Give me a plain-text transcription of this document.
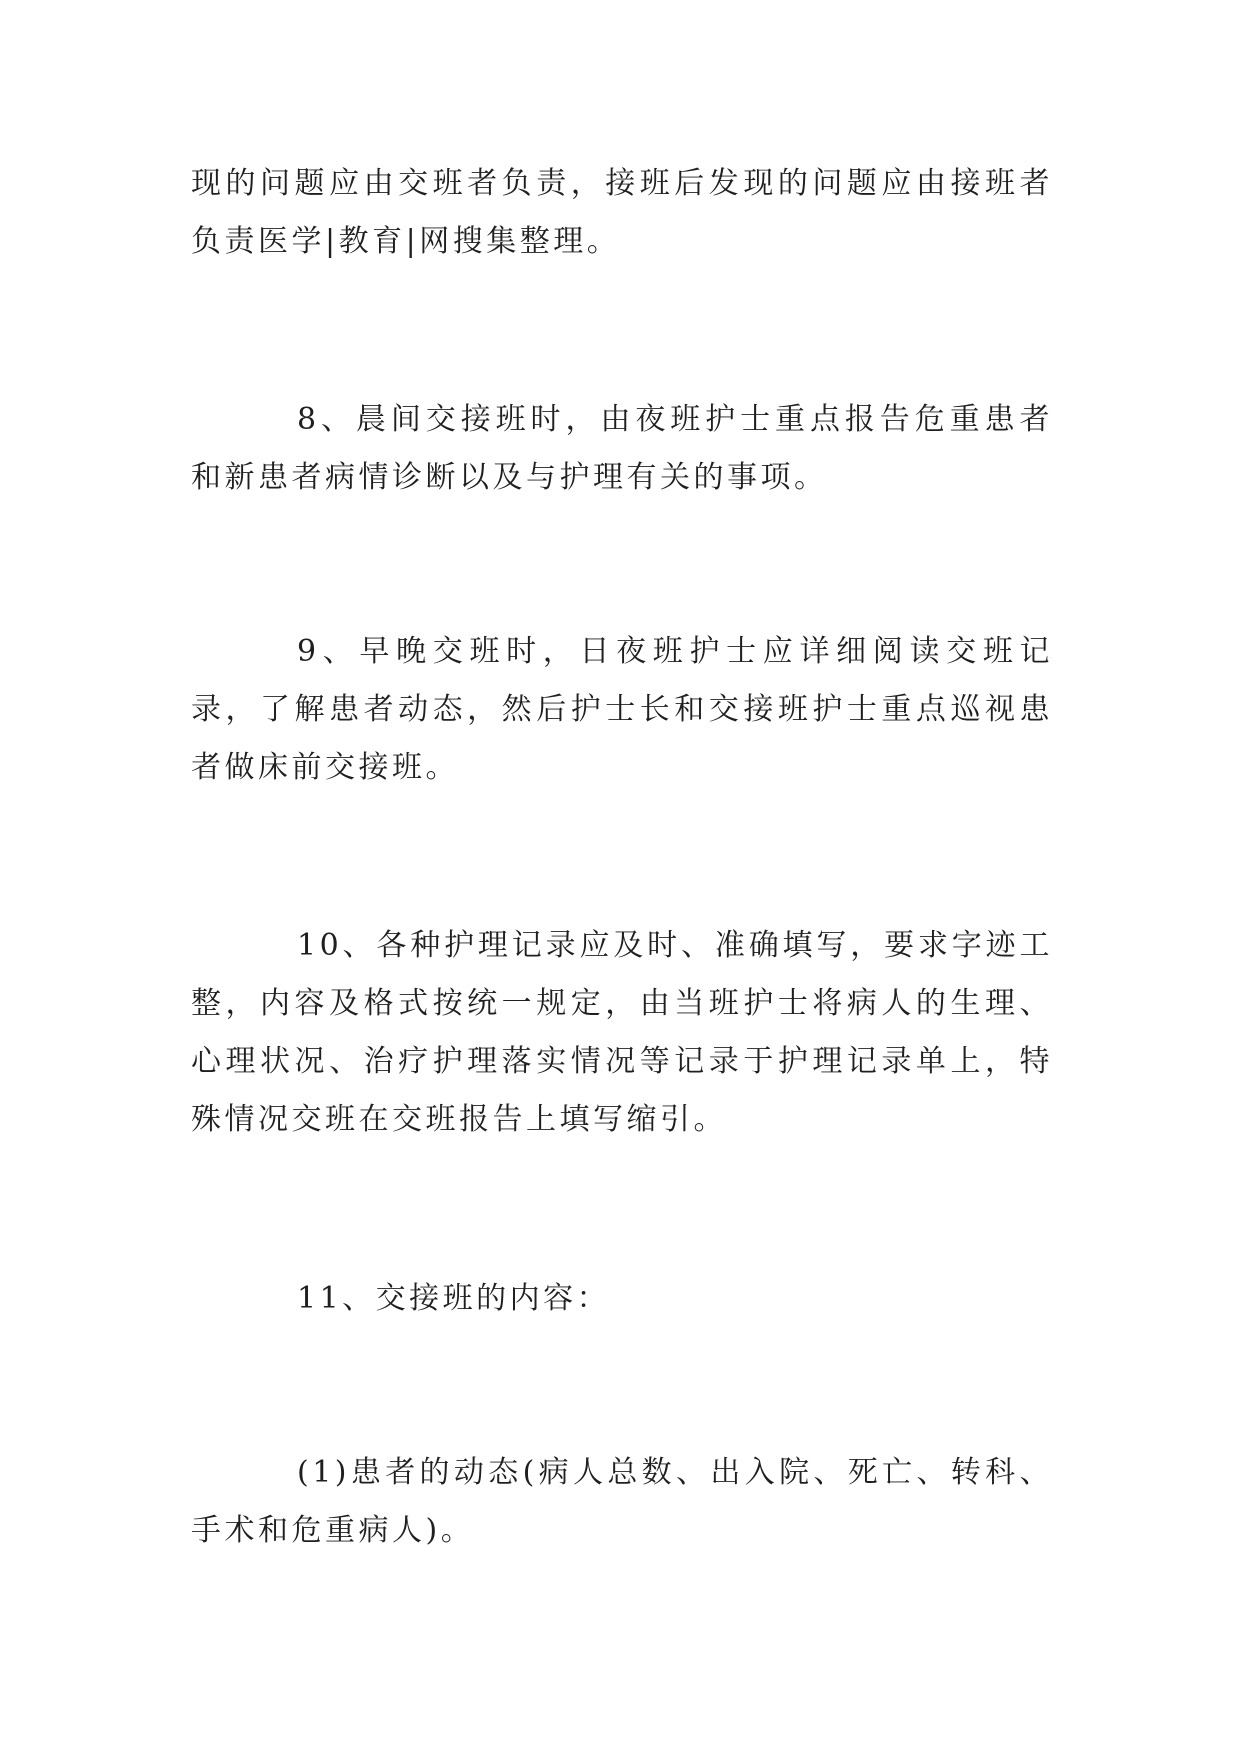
现的问题应由交班者负责，接班后发现的问题应由接班者负责医学|教育|网搜集整理。

8、晨间交接班时，由夜班护士重点报告危重患者和新患者病情诊断以及与护理有关的事项。

9、早晚交班时，日夜班护士应详细阅读交班记录，了解患者动态，然后护士长和交接班护士重点巡视患者做床前交接班。

10、各种护理记录应及时、准确填写，要求字迹工整，内容及格式按统一规定，由当班护士将病人的生理、心理状况、治疗护理落实情况等记录于护理记录单上，特殊情况交班在交班报告上填写缩引。

11、交接班的内容：

(1)患者的动态(病人总数、出入院、死亡、转科、手术和危重病人)。
